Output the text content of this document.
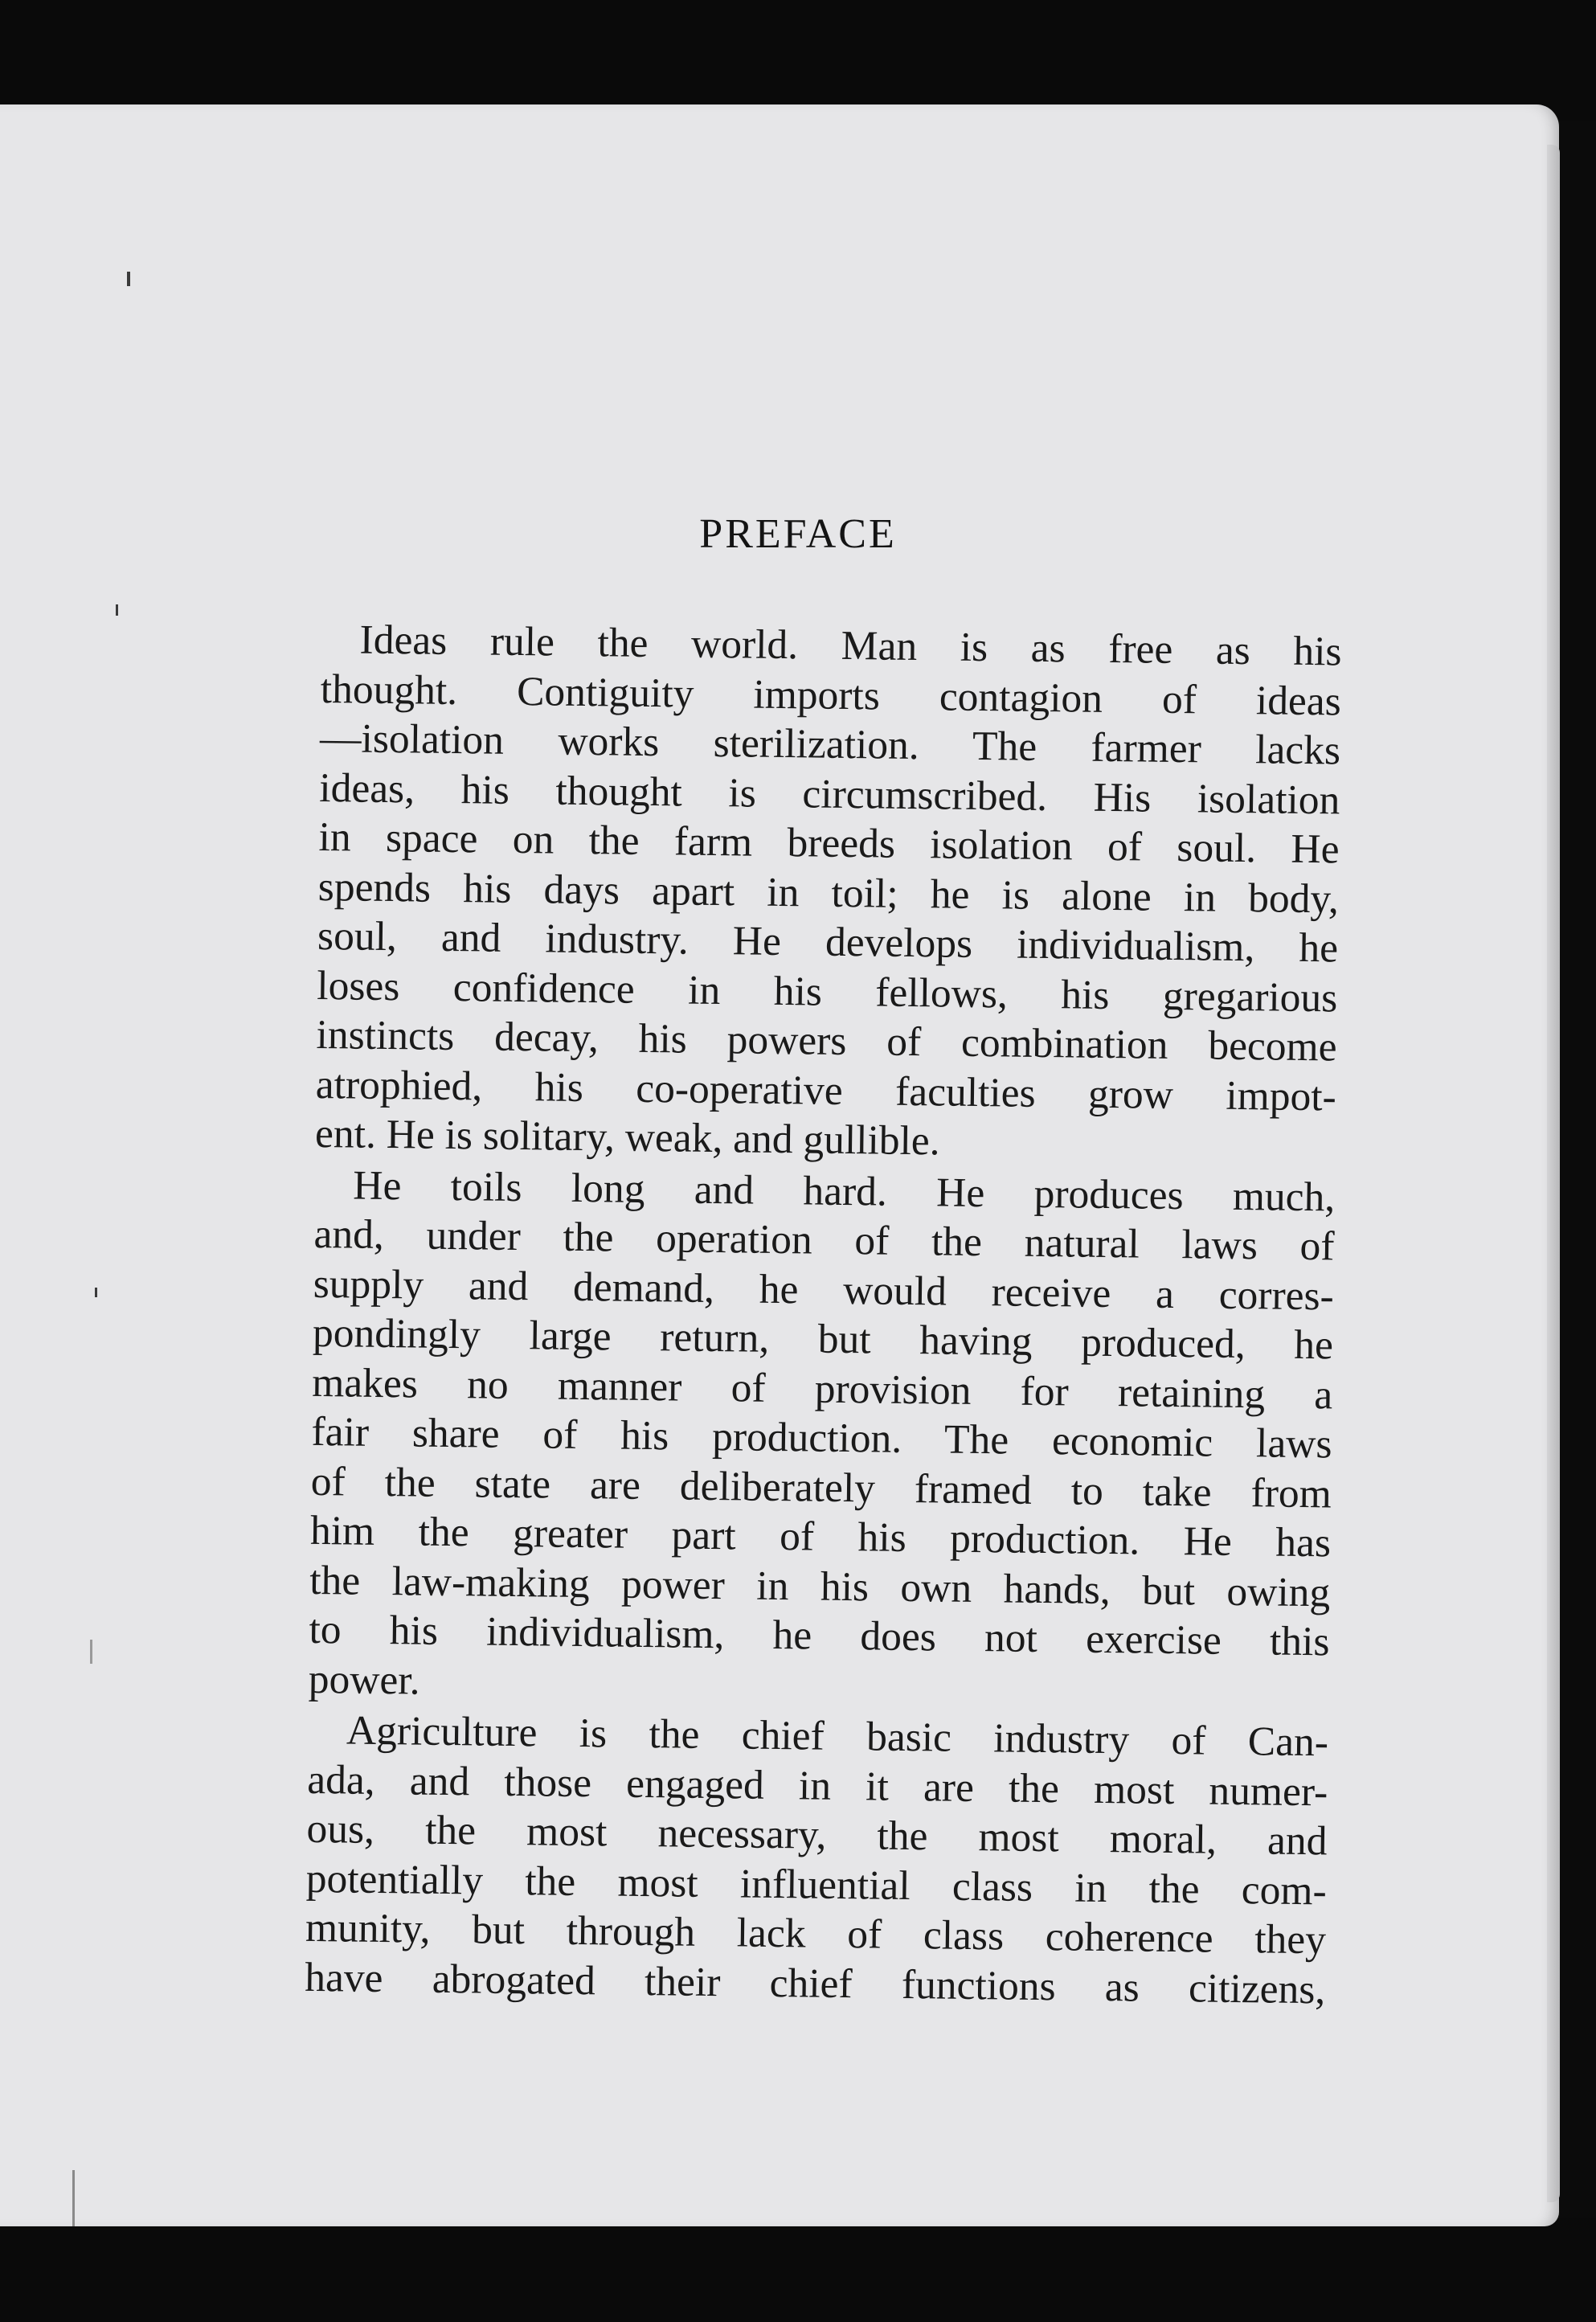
PREFACE
Ideas rule the world. Man is as free as his
thought. Contiguity imports contagion of ideas
—isolation works sterilization. The farmer lacks
ideas, his thought is circumscribed. His isolation
in space on the farm breeds isolation of soul. He
spends his days apart in toil; he is alone in body,
soul, and industry. He develops individualism, he
loses confidence in his fellows, his gregarious
instincts decay, his powers of combination become
atrophied, his co-operative faculties grow impot-
ent. He is solitary, weak, and gullible.
He toils long and hard. He produces much,
and, under the operation of the natural laws of
supply and demand, he would receive a corres-
pondingly large return, but having produced, he
makes no manner of provision for retaining a
fair share of his production. The economic laws
of the state are deliberately framed to take from
him the greater part of his production. He has
the law-making power in his own hands, but owing
to his individualism, he does not exercise this
power.
Agriculture is the chief basic industry of Can-
ada, and those engaged in it are the most numer-
ous, the most necessary, the most moral, and
potentially the most influential class in the com-
munity, but through lack of class coherence they
have abrogated their chief functions as citizens,
